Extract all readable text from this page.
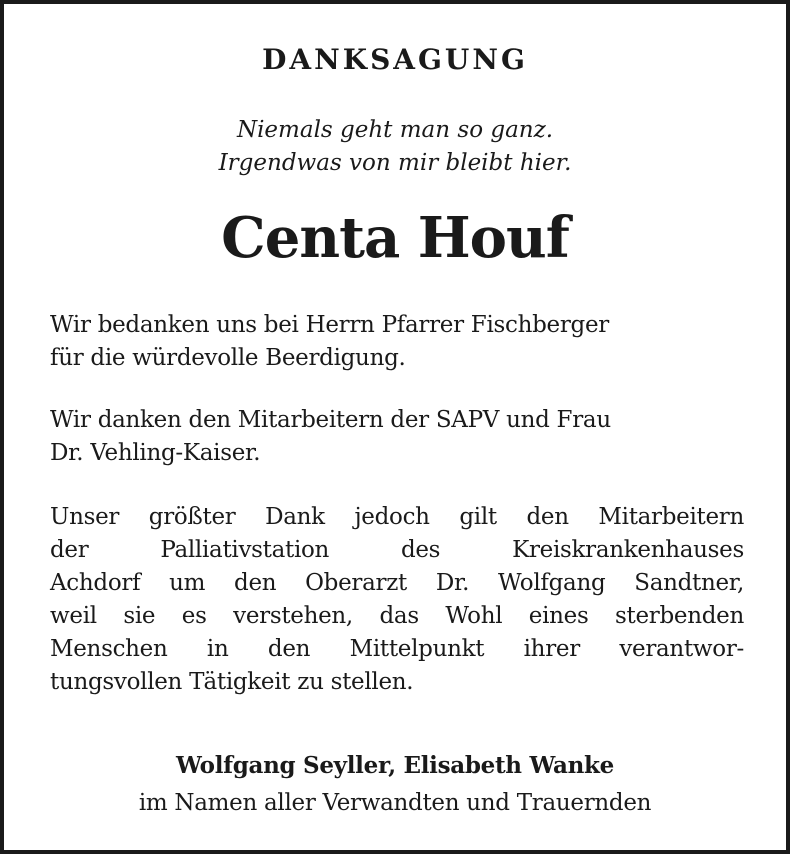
DANKSAGUNG
Niemals geht man so ganz.
Irgendwas von mir bleibt hier.
Centa Houf

Wir bedanken uns bei Herrn Pfarrer Fischberger
für die würdevolle Beerdigung.

Wir danken den Mitarbeitern der SAPV und Frau
Dr. Vehling-Kaiser.

Unser größter Dank jedoch gilt den Mitarbeitern
der Palliativstation des Kreiskrankenhauses
Achdorf um den Oberarzt Dr. Wolfgang Sandtner,
weil sie es verstehen, das Wohl eines sterbenden
Menschen in den Mittelpunkt ihrer verantwor-
tungsvollen Tätigkeit zu stellen.

Wolfgang Seyller, Elisabeth Wanke

im Namen aller Verwandten und Trauernden
